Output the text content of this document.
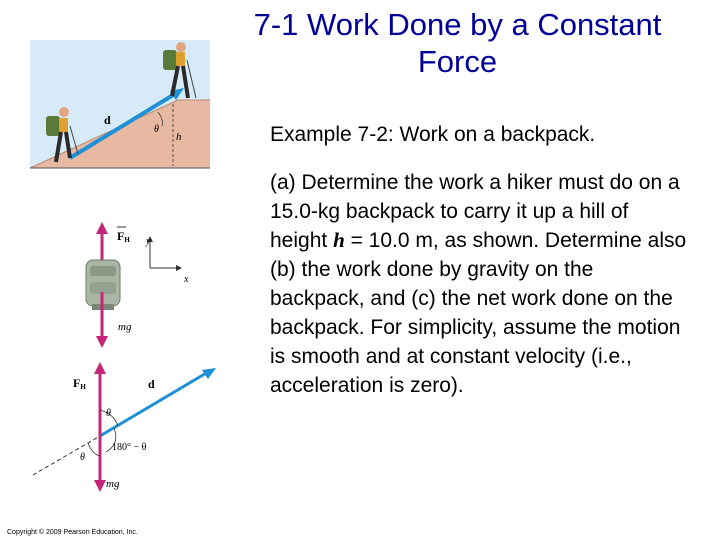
7-1 Work Done by a Constant
Force
Example 7-2: Work on a backpack.
(a) Determine the work a hiker must do on a 15.0-kg backpack to carry it up a hill of height h = 10.0 m, as shown. Determine also (b) the work done by gravity on the backpack, and (c) the net work done on the backpack. For simplicity, assume the motion is smooth and at constant velocity (i.e., acceleration is zero).
d
h
θ
FH
mg
y
x
d
FH
mg
θ
180° − θ
θ
Copyright © 2009 Pearson Education, Inc.
